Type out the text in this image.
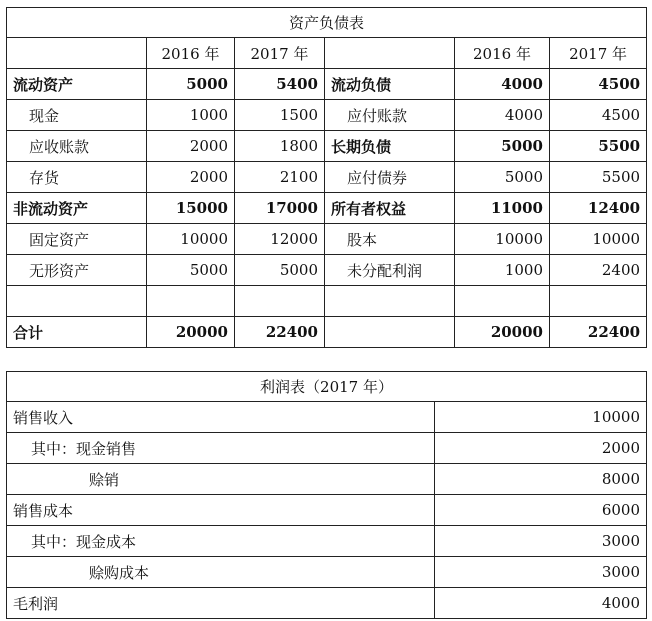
资产负债表					
	2016 年	2017 年		2016 年	2017 年
流动资产	5000	5400	流动负债	4000	4500
现金	1000	1500	应付账款	4000	4500
应收账款	2000	1800	长期负债	5000	5500
存货	2000	2100	应付债券	5000	5500
非流动资产	15000	17000	所有者权益	11000	12400
固定资产	10000	12000	股本	10000	10000
无形资产	5000	5000	未分配利润	1000	2400

合计	20000	22400		20000	22400
利润表（2017 年）	
销售收入	10000
其中：现金销售	2000
赊销	8000
销售成本	6000
其中：现金成本	3000
赊购成本	3000
毛利润	4000
